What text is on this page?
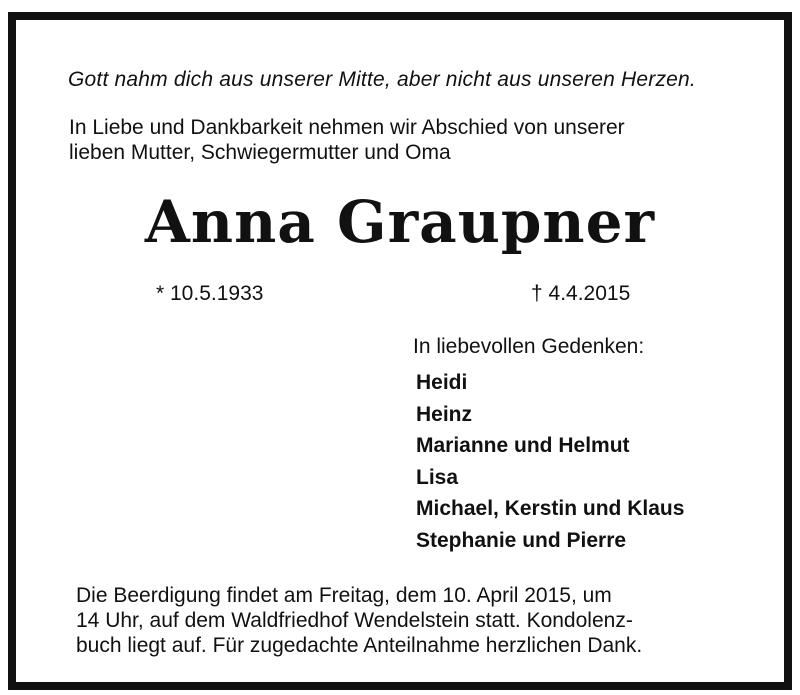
Gott nahm dich aus unserer Mitte, aber nicht aus unseren Herzen.
In Liebe und Dankbarkeit nehmen wir Abschied von unserer
lieben Mutter, Schwiegermutter und Oma
Anna Graupner
* 10.5.1933	† 4.4.2015
In liebevollen Gedenken:
Heidi
Heinz
Marianne und Helmut
Lisa
Michael, Kerstin und Klaus
Stephanie und Pierre
Die Beerdigung findet am Freitag, dem 10. April 2015, um
14 Uhr, auf dem Waldfriedhof Wendelstein statt. Kondolenz-
buch liegt auf. Für zugedachte Anteilnahme herzlichen Dank.
